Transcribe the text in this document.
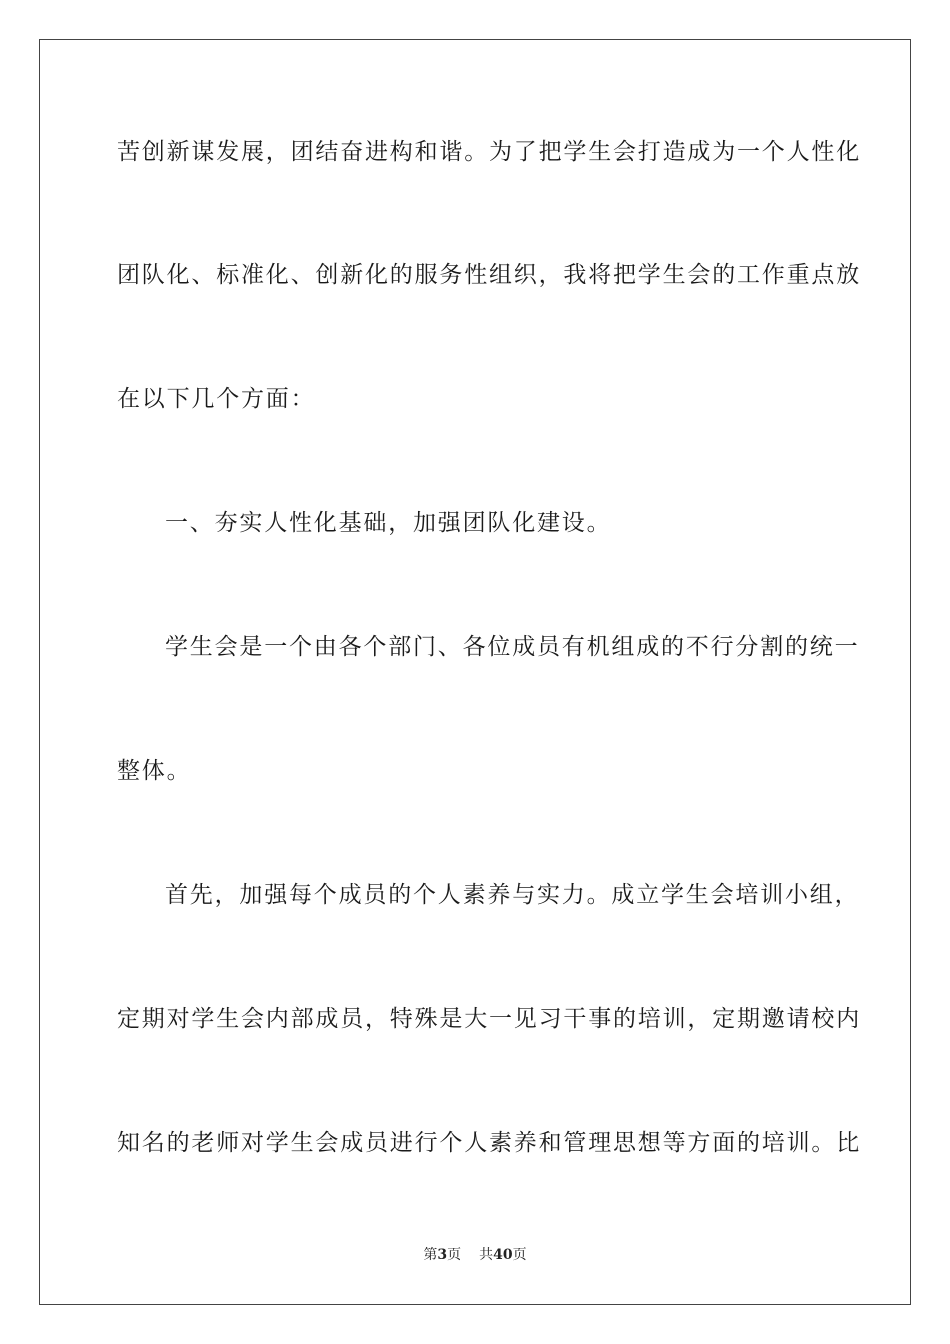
苦创新谋发展，团结奋进构和谐。为了把学生会打造成为一个人性化
团队化、标准化、创新化的服务性组织，我将把学生会的工作重点放
在以下几个方面：
一、夯实人性化基础，加强团队化建设。
学生会是一个由各个部门、各位成员有机组成的不行分割的统一
整体。
首先，加强每个成员的个人素养与实力。成立学生会培训小组，
定期对学生会内部成员，特殊是大一见习干事的培训，定期邀请校内
知名的老师对学生会成员进行个人素养和管理思想等方面的培训。比
第3页 共40页
